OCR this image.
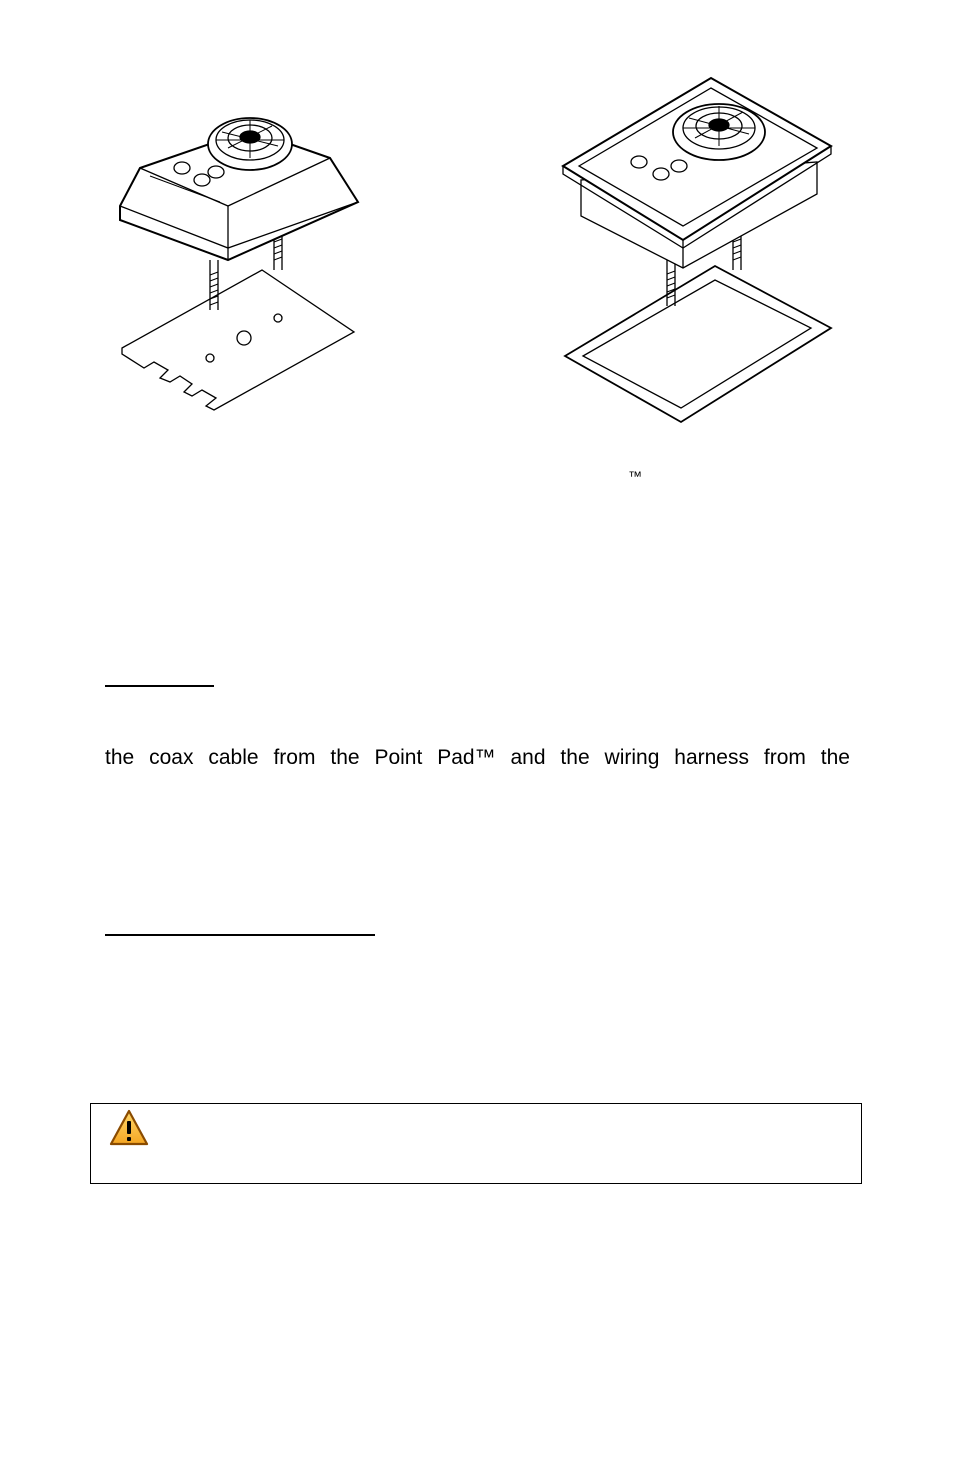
™
the coax cable from the Point Pad™ and the wiring harness from the
